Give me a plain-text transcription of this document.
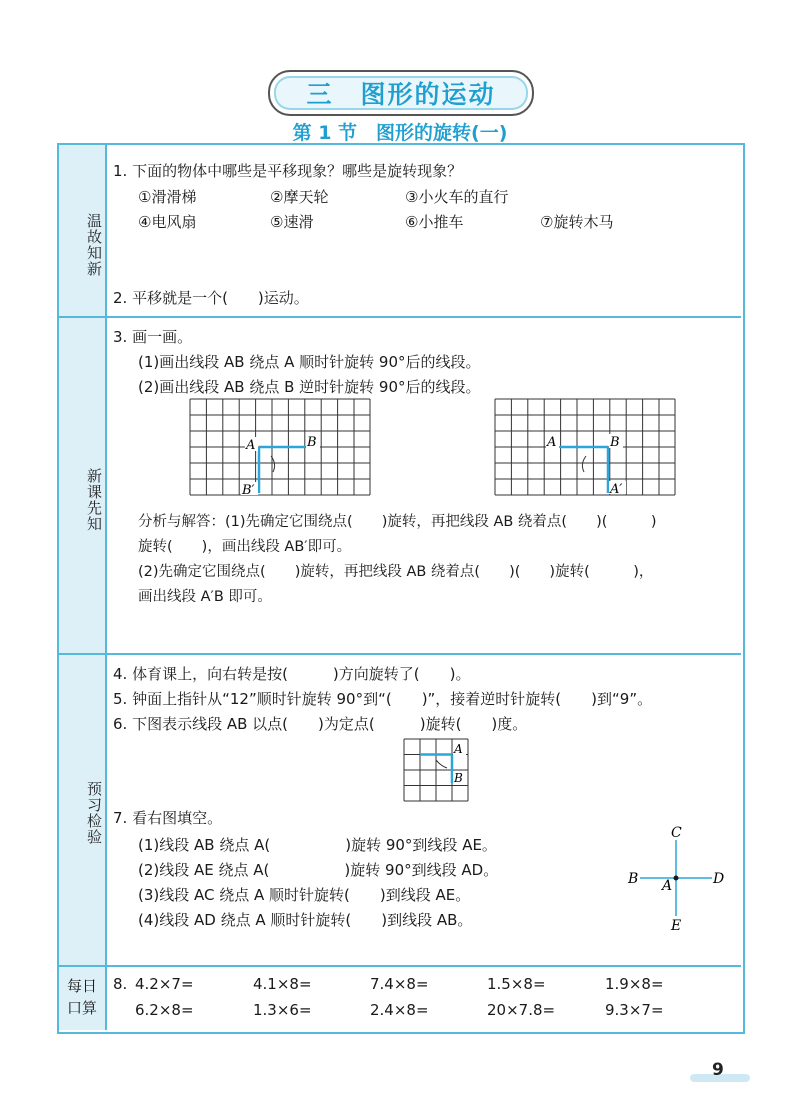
三　图形的运动
第 1 节　图形的旋转(一)
温故知新
新课先知
预习检验
每日口算
1. 下面的物体中哪些是平移现象？哪些是旋转现象？
①滑滑梯	②摩天轮	③小火车的直行
④电风扇	⑤速滑	⑥小推车	⑦旋转木马
2. 平移就是一个(　　)运动。
3. 画一画。
(1)画出线段 AB 绕点 A 顺时针旋转 90°后的线段。
(2)画出线段 AB 绕点 B 逆时针旋转 90°后的线段。
A	B
B′
A	B
A′
分析与解答：(1)先确定它围绕点(　　)旋转，再把线段 AB 绕着点(　　)(　　　)
旋转(　　)，画出线段 AB′即可。
(2)先确定它围绕点(　　)旋转，再把线段 AB 绕着点(　　)(　　)旋转(　　　)，
画出线段 A′B 即可。
4. 体育课上，向右转是按(　　　)方向旋转了(　　)。
5. 钟面上指针从“12”顺时针旋转 90°到“(　　)”，接着逆时针旋转(　　)到“9”。
6. 下图表示线段 AB 以点(　　)为定点(　　　)旋转(　　)度。
A
B
7. 看右图填空。
(1)线段 AB 绕点 A(　　　　　)旋转 90°到线段 AE。
(2)线段 AE 绕点 A(　　　　　)旋转 90°到线段 AD。
(3)线段 AC 绕点 A 顺时针旋转(　　)到线段 AE。
(4)线段 AD 绕点 A 顺时针旋转(　　)到线段 AB。
C
B A	D
E
8. 4.2×7=	4.1×8=	7.4×8=	1.5×8=	1.9×8=
6.2×8=	1.3×6=	2.4×8=	20×7.8=	9.3×7=
9
